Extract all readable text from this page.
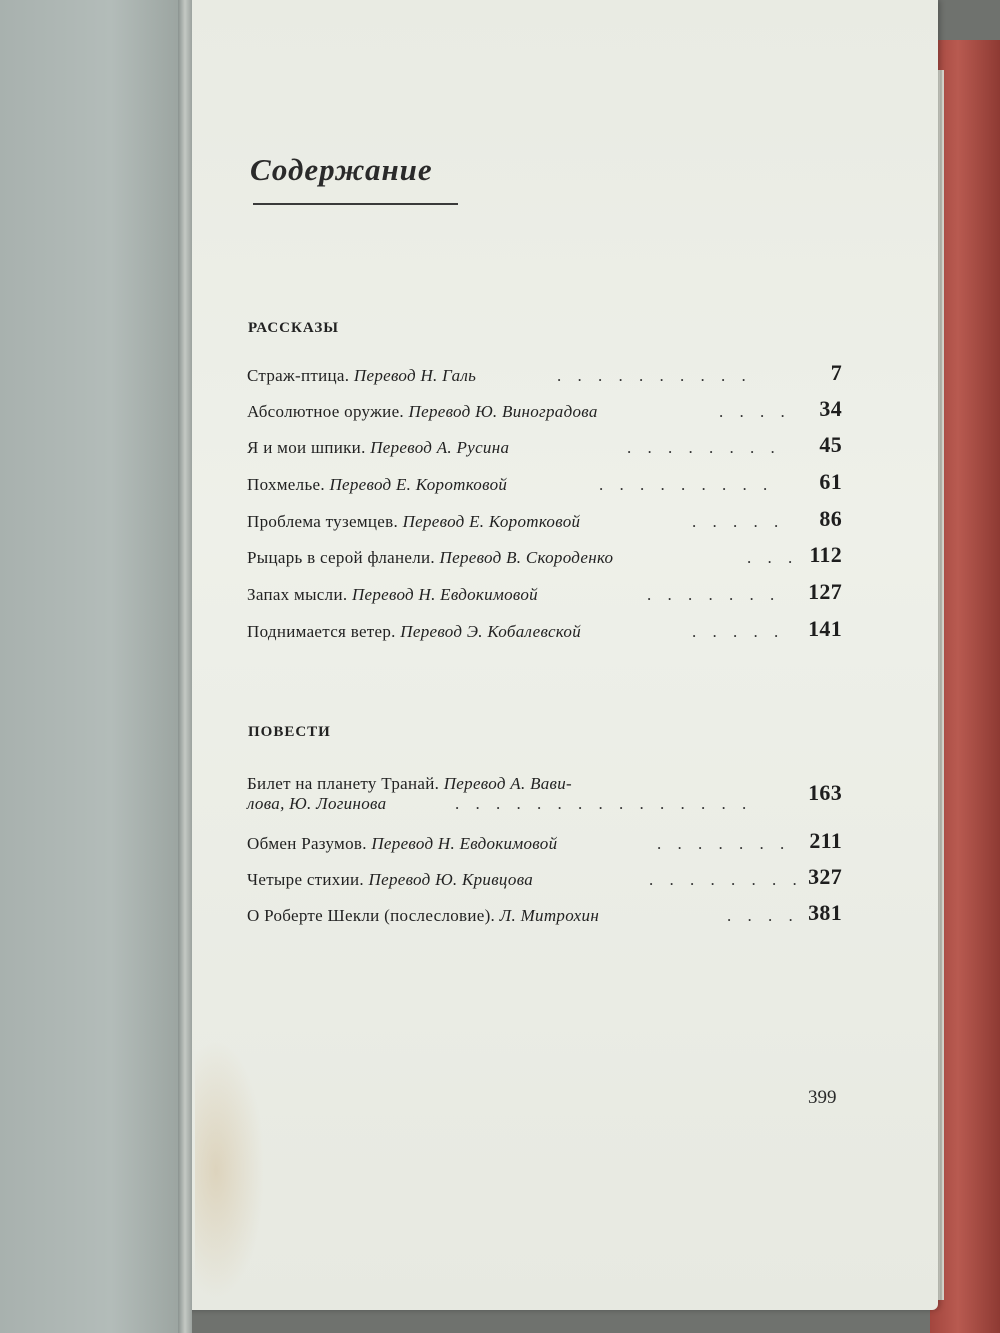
Содержание
РАССКАЗЫ
Страж-птица. Перевод Н. Галь	. . . . . . . . . .	7
Абсолютное оружие. Перевод Ю. Виноградова	. . . . 34
Я и мои шпики. Перевод А. Русина	. . . . . . . . 45
Похмелье. Перевод Е. Коротковой	. . . . . . . . . 61
Проблема туземцев. Перевод Е. Коротковой	. . . . . 86
Рыцарь в серой фланели. Перевод В. Скороденко	. . . 112
Запах мысли. Перевод Н. Евдокимовой	. . . . . . . 127
Поднимается ветер. Перевод Э. Кобалевской	. . . . . 141
ПОВЕСТИ
Билет на планету Транай. Перевод А. Вави-
лова, Ю. Логинова	. . . . . . . . . . . . . . .	163
Обмен Разумов. Перевод Н. Евдокимовой	. . . . . . . 211
Четыре стихии. Перевод Ю. Кривцова	. . . . . . . . 327
О Роберте Шекли (послесловие). Л. Митрохин	. . . . 381
399
